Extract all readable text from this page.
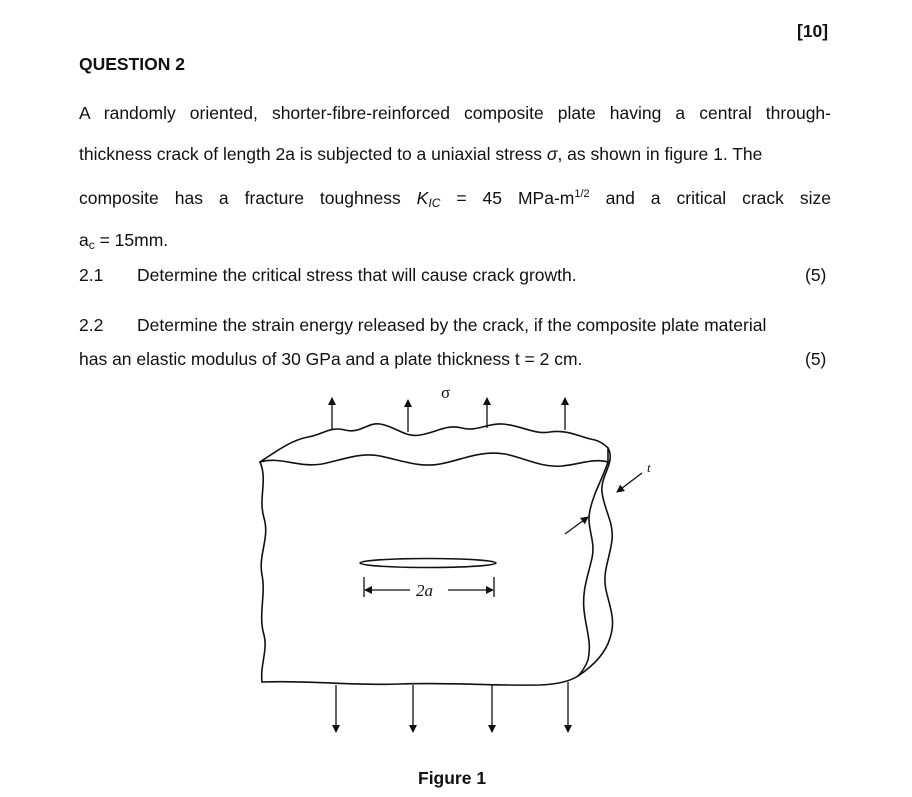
[10]
QUESTION 2
A randomly oriented, shorter-fibre-reinforced composite plate having a central through-
thickness crack of length 2a is subjected to a uniaxial stress σ, as shown in figure 1. The
composite has a fracture toughness $K_{IC} = 45$ MPa-$m^{1/2}$ and a critical crack size
$a_c = 15mm$.
2.1 Determine the critical stress that will cause crack growth.	(5)
2.2 Determine the strain energy released by the crack, if the composite plate material
has an elastic modulus of 30 GPa and a plate thickness t = 2 cm.	(5)
σ
2a
t
Figure 1
